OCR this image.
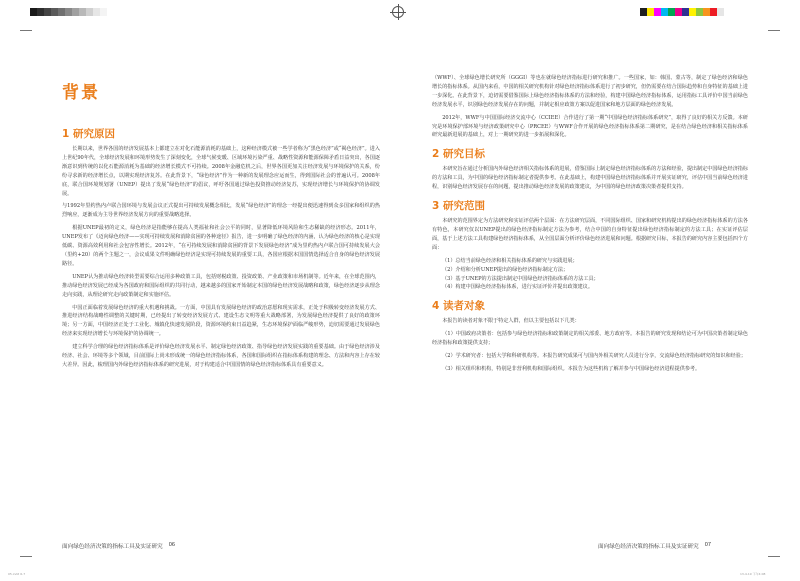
05.indd 6-7	13-4-19 下午4:08
背景
1 研究原因

长期以来，世界各国的经济发展基本上都建立在对化石能源消耗的基础上，这种经济模式被一些学者称为“黑色经济”或“褐色经济”。进入上世纪90年代，全球经济发展和环境形势发生了深刻变化，全球气候变暖、区域环境污染严重、战略性资源和能源保障矛盾日益突出，各国逐渐意识到传统的以化石能源消耗为基础的经济增长模式不可持续。2008年金融危机之后，世界各国更加关注经济发展与环境保护的关系，纷纷寻求新的经济增长点，以期实现经济复苏。在此背景下，“绿色经济”作为一种新的发展理念应运而生，得到国际社会的普遍认可。2008年底，联合国环境规划署（UNEP）提出了发展“绿色经济”的倡议，呼吁各国通过绿色投资推动经济复苏，实现经济增长与环境保护的协调发展。

与1992年里约热内卢联合国环境与发展会议正式提出可持续发展概念相比，发展“绿色经济”的理念一经提出便迅速得到众多国家和组织的热烈响应，逐渐成为主导世界经济发展方向的重要战略选择。

根据UNEP最初的定义，绿色经济是指能够在提高人类福祉和社会公平的同时，显著降低环境风险和生态稀缺的经济形态。2011年，UNEP发布了《迈向绿色经济——实现可持续发展和消除贫困的各种途径》报告，进一步明确了绿色经济的内涵，认为绿色经济的核心是实现低碳、资源高效利用和社会包容性增长。2012年，“在可持续发展和消除贫困的背景下发展绿色经济”成为里约热内卢联合国可持续发展大会（里约+20）的两个主题之一，会议成果文件明确绿色经济是实现可持续发展的重要工具，各国应根据本国国情选择适合自身的绿色经济发展路径。

UNEP认为推动绿色经济转型需要综合运用多种政策工具，包括财税政策、投资政策、产业政策和市场机制等。近年来，在全球范围内，推动绿色经济发展已经成为各国政府和国际组织的共同行动，越来越多的国家开始制定本国的绿色经济发展战略和政策，绿色经济逐步从理念走向实践，从理论研究走向政策制定和实施评估。

中国正面临着发展绿色经济的重大机遇和挑战。一方面，中国具有发展绿色经济的政治意愿和现实需求，正处于积极转变经济发展方式、推进经济结构战略性调整的关键时期，已经提出了转变经济发展方式、建设生态文明等重大战略部署，为发展绿色经济提供了良好的政策环境；另一方面，中国经济正处于工业化、城镇化快速发展阶段，资源环境约束日益趋紧，生态环境保护面临严峻形势，迫切需要通过发展绿色经济来实现经济增长与环境保护的协调统一。

建立科学合理的绿色经济指标体系是评价绿色经济发展水平、制定绿色经济政策、指导绿色经济发展实践的重要基础。由于绿色经济涉及经济、社会、环境等多个领域，目前国际上尚未形成统一的绿色经济指标体系，各国和国际组织在指标体系构建的理念、方法和内容上存在较大差异。因此，梳理国内外绿色经济指标体系的研究进展，对于构建适合中国国情的绿色经济指标体系具有重要意义。

面向绿色经济决策的指标工具及实证研究 06

（WWF）、全球绿色增长研究所（GGGI）等也在就绿色经济指标进行研究和推广。一些国家，如：韩国、蒙古等，制定了绿色经济和绿色增长的指标体系。从国内来看，中国的相关研究机构针对绿色经济指标体系进行了初步研究，但仍需要在结合国际趋势和自身特征的基础上进一步深化。在此背景下，迫切需要借鉴国际上绿色经济指标体系的方法和经验，构建中国绿色经济指标体系，运用指标工具评价中国当前绿色经济发展水平，识别绿色经济发展存在的问题，并制定相应政策方案以促进国家和地方层面的绿色经济发展。

2012年，WWF与中国国际经济交流中心（CCIEE）合作进行了第一期“中国绿色经济指标体系研究”，取得了良好的相关方反馈。本研究是环境保护部环境与经济政策研究中心（PRCEE）与WWF合作开展的绿色经济指标体系第二期研究，是在结合绿色经济和相关指标体系研究最新进展的基础上，对上一期研究的进一步拓展和深化。

2 研究目标

本研究旨在通过分析国内外绿色经济相关指标体系的进展，借鉴国际上制定绿色经济指标体系的方法和经验，提出制定中国绿色经济指标的方法和工具，为中国的绿色经济指标制定者提供参考。在此基础上，构建中国绿色经济指标体系并开展实证研究，评估中国当前绿色经济进程，识别绿色经济发展存在的问题，提出推动绿色经济发展的政策建议，为中国的绿色经济政策决策者提供支持。

3 研究范围

本研究的范围界定为方法研究和实证评估两个层面：在方法研究层面，不同国际组织、国家和研究机构提出的绿色经济指标体系的方法各有特色，本研究仅以UNEP提出的绿色经济指标制定方法为参考，结合中国的自身特征提出绿色经济指标制定的方法工具；在实证评估层面，基于上述方法工具构建绿色经济指标体系，从全国层面分析评价绿色经济进展和问题。根据研究目标，本报告的研究内容主要包括四个方面：

（1）总结当前绿色经济和相关指标体系的研究与实践进展；
（2）介绍和分析UNEP提出的绿色经济指标制定方法；
（3）基于UNEP的方法提出制定中国绿色经济指标体系的方法工具；
（4）构建中国绿色经济指标体系，进行实证评价并提出政策建议。
4 读者对象

本报告的读者对象不限于特定人群，但以主要包括以下几类：

（1）中国政府决策者：包括参与绿色经济指标和政策制定的相关部委、地方政府等。本报告的研究发现和结论可为中国决策者制定绿色经济指标和政策提供支持；
（2）学术研究者：包括大学和科研机构等。本报告研究成果可与国内外相关研究人员进行分享，交流绿色经济指标研究的知识和经验；
（3）相关组织和机构，特别是非营利机构和国际组织。本报告为这些机构了解并参与中国绿色经济进程提供参考。
面向绿色经济决策的指标工具及实证研究 07
